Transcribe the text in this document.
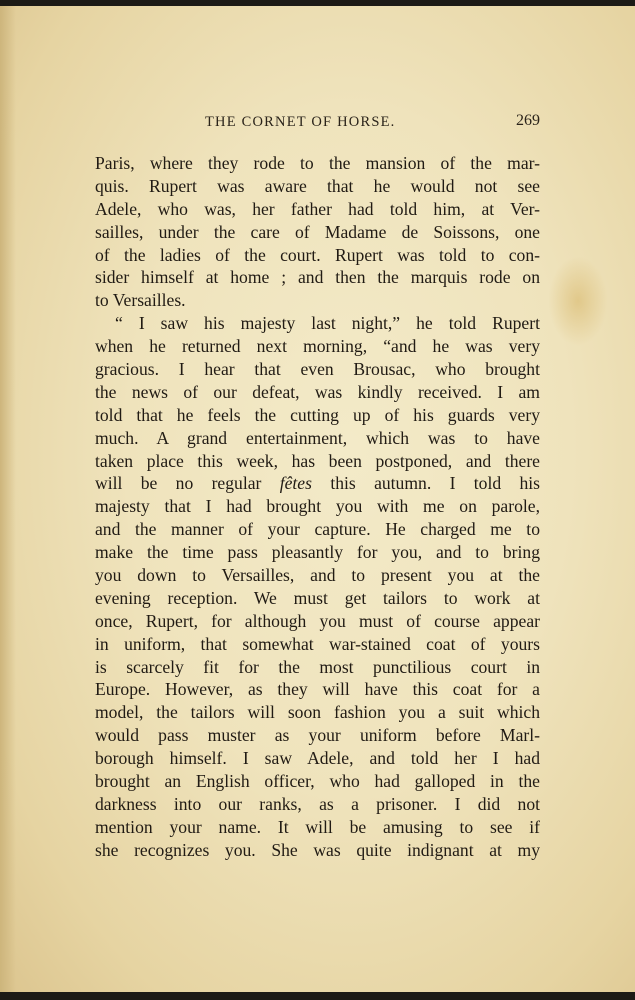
THE CORNET OF HORSE.	269
Paris, where they rode to the mansion of the mar-
quis. Rupert was aware that he would not see
Adele, who was, her father had told him, at Ver-
sailles, under the care of Madame de Soissons, one
of the ladies of the court. Rupert was told to con-
sider himself at home ; and then the marquis rode on
to Versailles.
“ I saw his majesty last night,” he told Rupert
when he returned next morning, “and he was very
gracious. I hear that even Brousac, who brought
the news of our defeat, was kindly received. I am
told that he feels the cutting up of his guards very
much. A grand entertainment, which was to have
taken place this week, has been postponed, and there
will be no regular fêtes this autumn. I told his
majesty that I had brought you with me on parole,
and the manner of your capture. He charged me to
make the time pass pleasantly for you, and to bring
you down to Versailles, and to present you at the
evening reception. We must get tailors to work at
once, Rupert, for although you must of course appear
in uniform, that somewhat war-stained coat of yours
is scarcely fit for the most punctilious court in
Europe. However, as they will have this coat for a
model, the tailors will soon fashion you a suit which
would pass muster as your uniform before Marl-
borough himself. I saw Adele, and told her I had
brought an English officer, who had galloped in the
darkness into our ranks, as a prisoner. I did not
mention your name. It will be amusing to see if
she recognizes you. She was quite indignant at my
